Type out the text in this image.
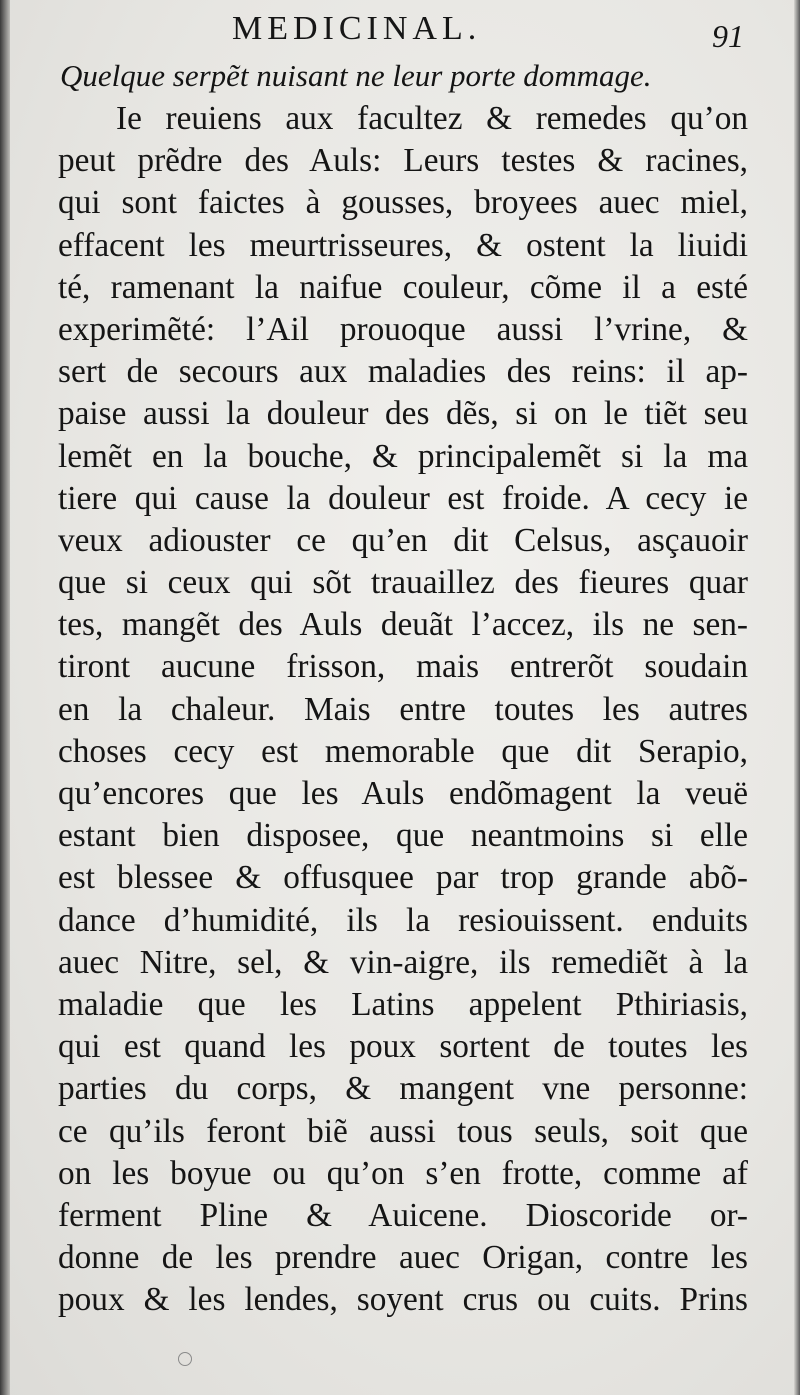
MEDICINAL.	91
Quelque serpẽt nuisant ne leur porte dommage.
Ie reuiens aux facultez & remedes qu’on
peut prẽdre des Auls: Leurs testes & racines,
qui sont faictes à gousses, broyees auec miel,
effacent les meurtrisseures, & ostent la liuidi
té, ramenant la naifue couleur, cõme il a esté
experimẽté: l’Ail prouoque aussi l’vrine, &
sert de secours aux maladies des reins: il ap-
paise aussi la douleur des dẽs, si on le tiẽt seu
lemẽt en la bouche, & principalemẽt si la ma
tiere qui cause la douleur est froide. A cecy ie
veux adiouster ce qu’en dit Celsus, asçauoir
que si ceux qui sõt trauaillez des fieures quar
tes, mangẽt des Auls deuãt l’accez, ils ne sen-
tiront aucune frisson, mais entrerõt soudain
en la chaleur. Mais entre toutes les autres
choses cecy est memorable que dit Serapio,
qu’encores que les Auls endõmagent la veuë
estant bien disposee, que neantmoins si elle
est blessee & offusquee par trop grande abõ-
dance d’humidité, ils la resiouissent. enduits
auec Nitre, sel, & vin-aigre, ils remediẽt à la
maladie que les Latins appelent Pthiriasis,
qui est quand les poux sortent de toutes les
parties du corps, & mangent vne personne:
ce qu’ils feront biẽ aussi tous seuls, soit que
on les boyue ou qu’on s’en frotte, comme af
ferment Pline & Auicene. Dioscoride or-
donne de les prendre auec Origan, contre les
poux & les lendes, soyent crus ou cuits. Prins
